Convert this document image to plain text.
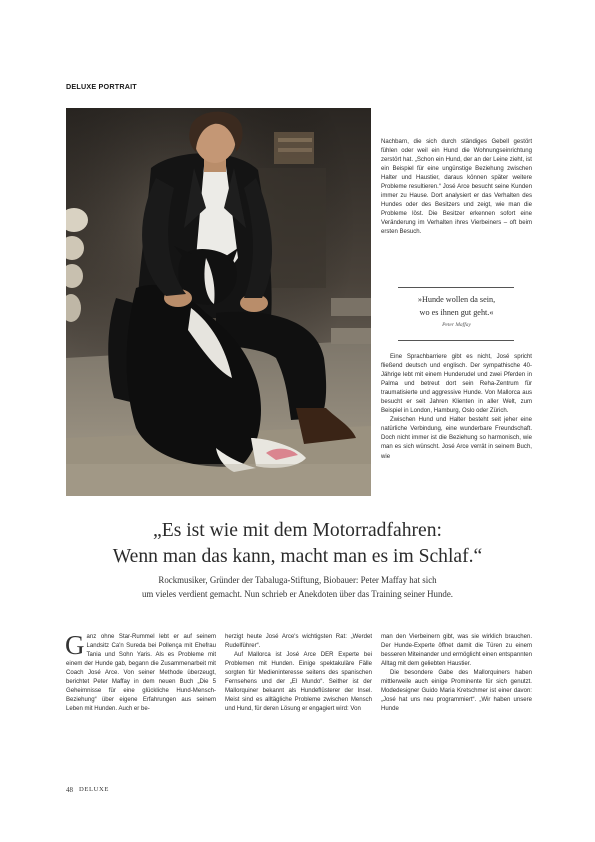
DELUXE PORTRAIT

Nachbarn, die sich durch ständiges Gebell gestört fühlen oder weil ein Hund die Wohnungseinrichtung zerstört hat. „Schon ein Hund, der an der Leine zieht, ist ein Beispiel für eine ungünstige Beziehung zwischen Halter und Haustier, daraus können später weitere Probleme resultieren.“ José Arce besucht seine Kunden immer zu Hause. Dort analysiert er das Verhalten des Hundes oder des Besitzers und zeigt, wie man die Probleme löst. Die Besitzer erkennen sofort eine Veränderung im Verhalten ihres Vierbeiners – oft beim ersten Besuch.

»Hunde wollen da sein,
wo es ihnen gut geht.«
Peter Maffay

Eine Sprachbarriere gibt es nicht, José spricht fließend deutsch und englisch. Der sympathische 40-Jährige lebt mit einem Hunderudel und zwei Pferden in Palma und betreut dort sein Reha-Zentrum für traumatisierte und aggressive Hunde. Von Mallorca aus besucht er seit Jahren Klienten in aller Welt, zum Beispiel in London, Hamburg, Oslo oder Zürich.

Zwischen Hund und Halter besteht seit jeher eine natürliche Verbindung, eine wunderbare Freundschaft. Doch nicht immer ist die Beziehung so harmonisch, wie man es sich wünscht. José Arce verrät in seinem Buch, wie

„Es ist wie mit dem Motorradfahren:
Wenn man das kann, macht man es im Schlaf.“
Rockmusiker, Gründer der Tabaluga-Stiftung, Biobauer: Peter Maffay hat sich
um vieles verdient gemacht. Nun schrieb er Anekdoten über das Training seiner Hunde.
G anz ohne Star-Rummel lebt er auf seinem Landsitz Ca'n Sureda bei Pollença mit Ehefrau Tania und Sohn Yaris. Als es Probleme mit einem der Hunde gab, begann die Zusammenarbeit mit Coach José Arce. Von seiner Methode überzeugt, berichtet Peter Maffay in dem neuen Buch „Die 5 Geheimnisse für eine glückliche Hund-Mensch-Beziehung“ über eigene Erfahrungen aus seinem Leben mit Hunden. Auch er be-

herzigt heute José Arce's wichtigsten Rat: „Werdet Rudelführer“.

Auf Mallorca ist José Arce DER Experte bei Problemen mit Hunden. Einige spektakuläre Fälle sorgten für Medieninteresse seitens des spanischen Fernsehens und der „El Mundo“. Seither ist der Mallorquiner bekannt als Hundeflüsterer der Insel. Meist sind es alltägliche Probleme zwischen Mensch und Hund, für deren Lösung er engagiert wird: Von

man den Vierbeinern gibt, was sie wirklich brauchen. Der Hunde-Experte öffnet damit die Türen zu einem besseren Miteinander und ermöglicht einen entspannten Alltag mit dem geliebten Haustier.

Die besondere Gabe des Mallorquiners haben mittlerweile auch einige Prominente für sich genutzt. Modedesigner Guido Maria Kretschmer ist einer davon: „José hat uns neu programmiert“. „Wir haben unsere Hunde

48 DELUXE
